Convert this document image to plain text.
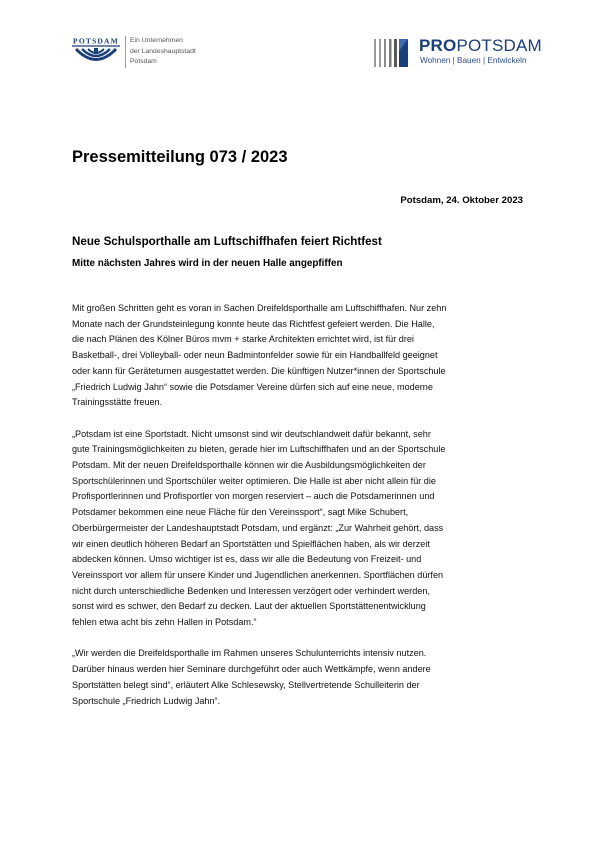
POTSDAM Ein Unternehmen
der Landeshauptstadt
Potsdam
PROPOTSDAM
Wohnen | Bauen | Entwickeln
Pressemitteilung 073 / 2023
Potsdam, 24. Oktober 2023
Neue Schulsporthalle am Luftschiffhafen feiert Richtfest
Mitte nächsten Jahres wird in der neuen Halle angepfiffen

Mit großen Schritten geht es voran in Sachen Dreifeldsporthalle am Luftschiffhafen. Nur zehn
Monate nach der Grundsteinlegung konnte heute das Richtfest gefeiert werden. Die Halle,
die nach Plänen des Kölner Büros mvm + starke Architekten errichtet wird, ist für drei
Basketball-, drei Volleyball- oder neun Badmintonfelder sowie für ein Handballfeld geeignet
oder kann für Geräteturnen ausgestattet werden. Die künftigen Nutzer*innen der Sportschule
„Friedrich Ludwig Jahn“ sowie die Potsdamer Vereine dürfen sich auf eine neue, moderne
Trainingsstätte freuen.

„Potsdam ist eine Sportstadt. Nicht umsonst sind wir deutschlandweit dafür bekannt, sehr
gute Trainingsmöglichkeiten zu bieten, gerade hier im Luftschiffhafen und an der Sportschule
Potsdam. Mit der neuen Dreifeldsporthalle können wir die Ausbildungsmöglichkeiten der
Sportschülerinnen und Sportschüler weiter optimieren. Die Halle ist aber nicht allein für die
Profisportlerinnen und Profisportler von morgen reserviert – auch die Potsdamerinnen und
Potsdamer bekommen eine neue Fläche für den Vereinssport“, sagt Mike Schubert,
Oberbürgermeister der Landeshauptstadt Potsdam, und ergänzt: „Zur Wahrheit gehört, dass
wir einen deutlich höheren Bedarf an Sportstätten und Spielflächen haben, als wir derzeit
abdecken können. Umso wichtiger ist es, dass wir alle die Bedeutung von Freizeit- und
Vereinssport vor allem für unsere Kinder und Jugendlichen anerkennen. Sportflächen dürfen
nicht durch unterschiedliche Bedenken und Interessen verzögert oder verhindert werden,
sonst wird es schwer, den Bedarf zu decken. Laut der aktuellen Sportstättenentwicklung
fehlen etwa acht bis zehn Hallen in Potsdam.“

„Wir werden die Dreifeldsporthalle im Rahmen unseres Schulunterrichts intensiv nutzen.
Darüber hinaus werden hier Seminare durchgeführt oder auch Wettkämpfe, wenn andere
Sportstätten belegt sind“, erläutert Alke Schlesewsky, Stellvertretende Schulleiterin der
Sportschule „Friedrich Ludwig Jahn“.
